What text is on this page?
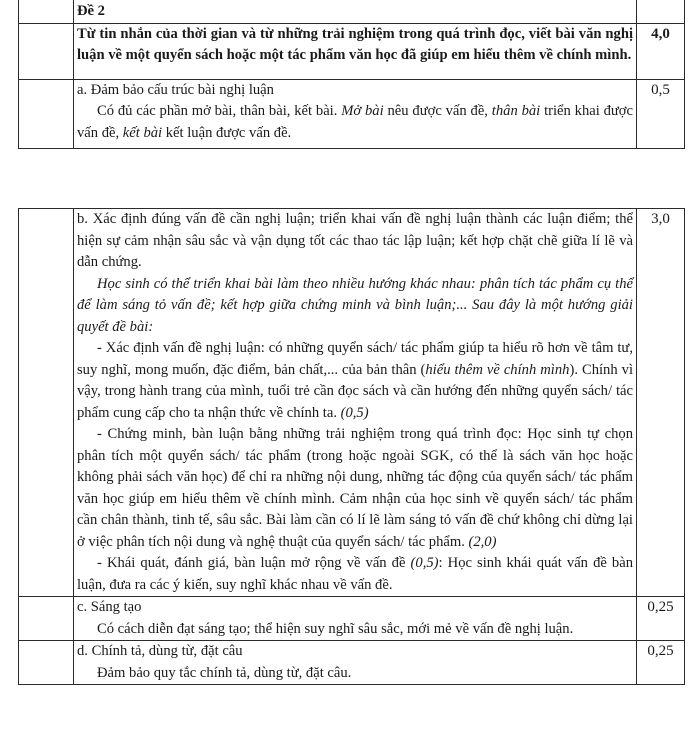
	Đề 2	
	Từ tin nhắn của thời gian và từ những trải nghiệm trong quá trình đọc, viết bài văn nghị luận về một quyển sách hoặc một tác phẩm văn học đã giúp em hiểu thêm về chính mình.	4,0

	a. Đảm bảo cấu trúc bài nghị luận

Có đủ các phần mở bài, thân bài, kết bài. Mở bài nêu được vấn đề, thân bài triển khai được vấn đề, kết bài kết luận được vấn đề.	0,5

	b. Xác định đúng vấn đề cần nghị luận; triển khai vấn đề nghị luận thành các luận điểm; thể hiện sự cảm nhận sâu sắc và vận dụng tốt các thao tác lập luận; kết hợp chặt chẽ giữa lí lẽ và dẫn chứng.

Học sinh có thể triển khai bài làm theo nhiều hướng khác nhau: phân tích tác phẩm cụ thể để làm sáng tỏ vấn đề; kết hợp giữa chứng minh và bình luận;... Sau đây là một hướng giải quyết đề bài:

- Xác định vấn đề nghị luận: có những quyển sách/ tác phẩm giúp ta hiểu rõ hơn về tâm tư, suy nghĩ, mong muốn, đặc điểm, bản chất,... của bản thân (hiểu thêm về chính mình). Chính vì vậy, trong hành trang của mình, tuổi trẻ cần đọc sách và cần hướng đến những quyển sách/ tác phẩm cung cấp cho ta nhận thức về chính ta. (0,5)

- Chứng minh, bàn luận bằng những trải nghiệm trong quá trình đọc: Học sinh tự chọn phân tích một quyển sách/ tác phẩm (trong hoặc ngoài SGK, có thể là sách văn học hoặc không phải sách văn học) để chỉ ra những nội dung, những tác động của quyển sách/ tác phẩm văn học giúp em hiểu thêm về chính mình. Cảm nhận của học sinh về quyển sách/ tác phẩm cần chân thành, tinh tế, sâu sắc. Bài làm cần có lí lẽ làm sáng tỏ vấn đề chứ không chỉ dừng lại ở việc phân tích nội dung và nghệ thuật của quyển sách/ tác phẩm. (2,0)

- Khái quát, đánh giá, bàn luận mở rộng về vấn đề (0,5): Học sinh khái quát vấn đề bàn luận, đưa ra các ý kiến, suy nghĩ khác nhau về vấn đề.	3,0

	c. Sáng tạo

Có cách diễn đạt sáng tạo; thể hiện suy nghĩ sâu sắc, mới mẻ về vấn đề nghị luận.	0,25

	d. Chính tả, dùng từ, đặt câu

Đảm bảo quy tắc chính tả, dùng từ, đặt câu.	0,25
